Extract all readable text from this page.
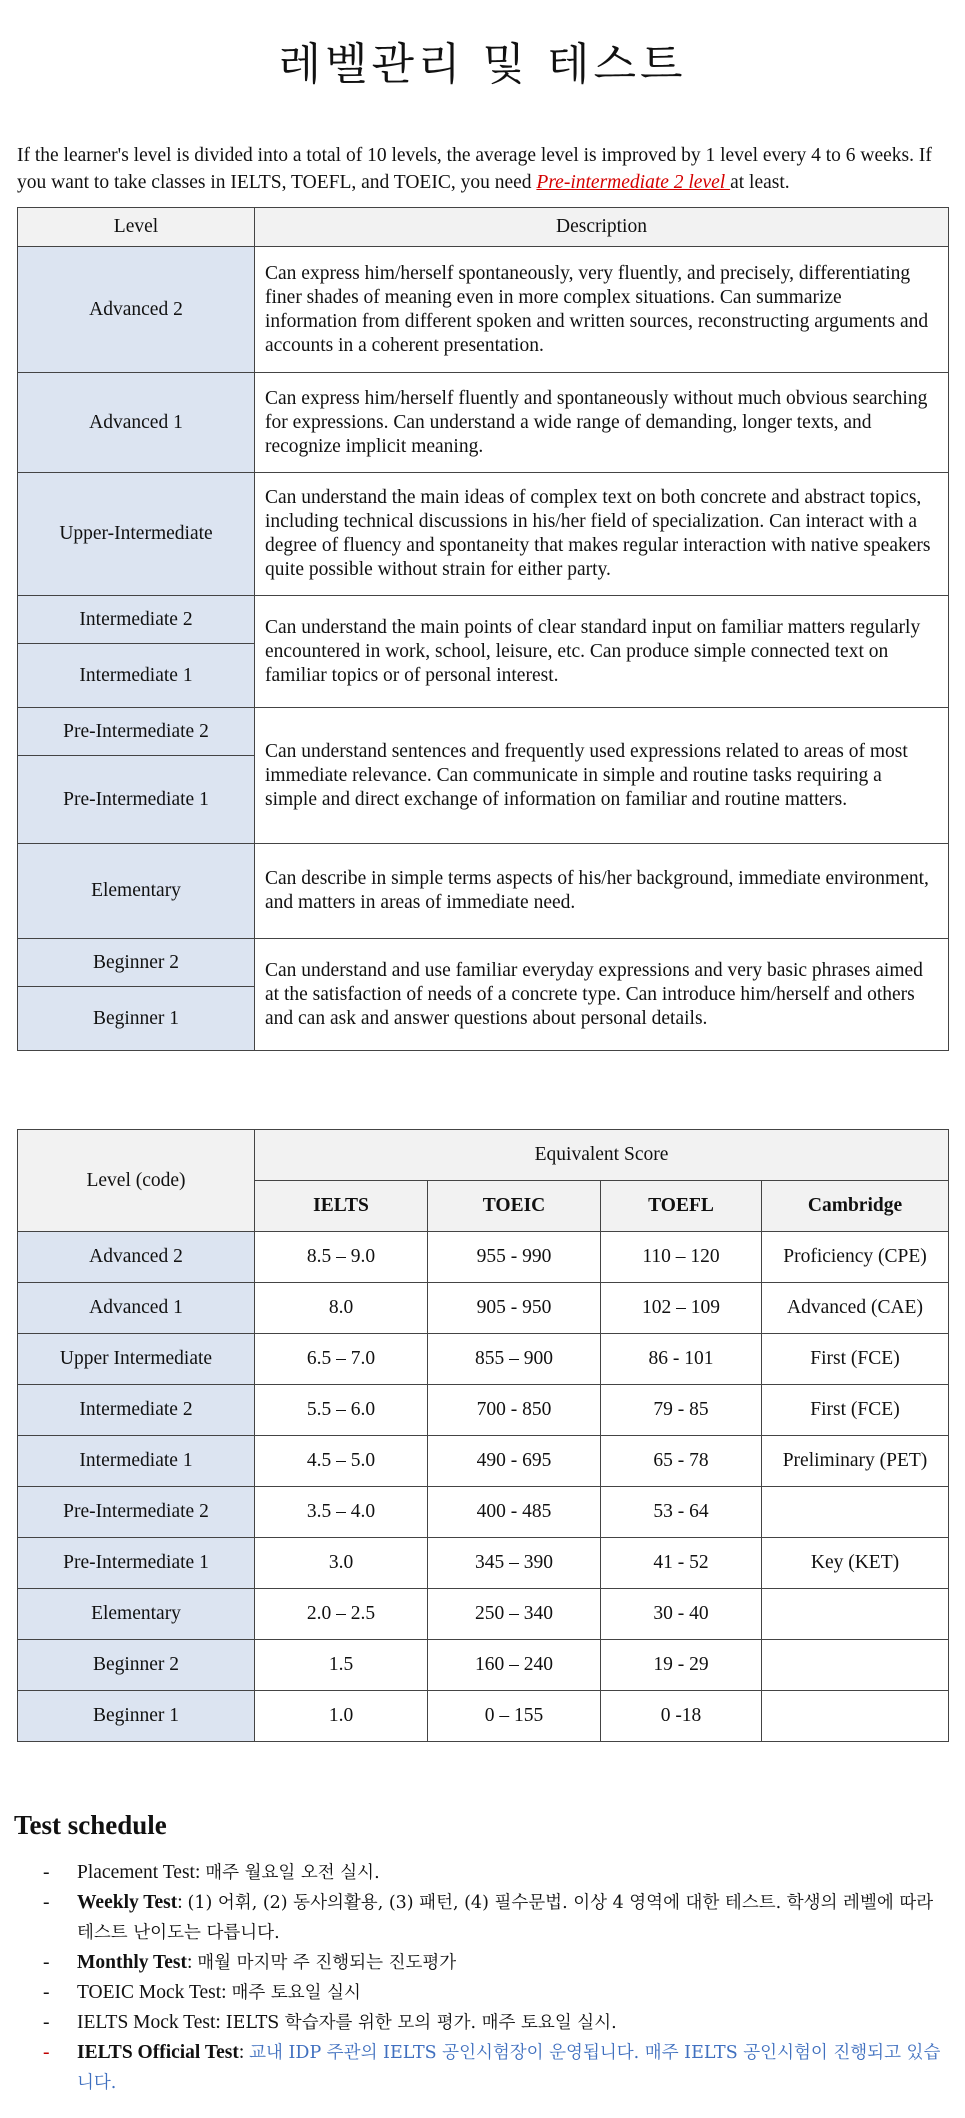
레벨관리 및 테스트
If the learner's level is divided into a total of 10 levels, the average level is improved by 1 level every 4 to 6 weeks. If you want to take classes in IELTS, TOEFL, and TOEIC, you need Pre-intermediate 2 level at least.
Level	Description
Advanced 2	Can express him/herself spontaneously, very fluently, and precisely, differentiating finer shades of meaning even in more complex situations. Can summarize information from different spoken and written sources, reconstructing arguments and accounts in a coherent presentation.
Advanced 1	Can express him/herself fluently and spontaneously without much obvious searching for expressions. Can understand a wide range of demanding, longer texts, and recognize implicit meaning.
Upper-Intermediate	Can understand the main ideas of complex text on both concrete and abstract topics, including technical discussions in his/her field of specialization. Can interact with a degree of fluency and spontaneity that makes regular interaction with native speakers quite possible without strain for either party.
Intermediate 2	Can understand the main points of clear standard input on familiar matters regularly encountered in work, school, leisure, etc. Can produce simple connected text on familiar topics or of personal interest.
Intermediate 1	
Pre-Intermediate 2	Can understand sentences and frequently used expressions related to areas of most immediate relevance. Can communicate in simple and routine tasks requiring a simple and direct exchange of information on familiar and routine matters.
Pre-Intermediate 1	
Elementary	Can describe in simple terms aspects of his/her background, immediate environment, and matters in areas of immediate need.
Beginner 2	Can understand and use familiar everyday expressions and very basic phrases aimed at the satisfaction of needs of a concrete type. Can introduce him/herself and others and can ask and answer questions about personal details.
Beginner 1	
Level (code)	Equivalent Score			
	IELTS	TOEIC	TOEFL	Cambridge
Advanced 2	8.5 – 9.0	955 - 990	110 – 120	Proficiency (CPE)
Advanced 1	8.0	905 - 950	102 – 109	Advanced (CAE)
Upper Intermediate	6.5 – 7.0	855 – 900	86 - 101	First (FCE)
Intermediate 2	5.5 – 6.0	700 - 850	79 - 85	First (FCE)
Intermediate 1	4.5 – 5.0	490 - 695	65 - 78	Preliminary (PET)
Pre-Intermediate 2	3.5 – 4.0	400 - 485	53 - 64	
Pre-Intermediate 1	3.0	345 – 390	41 - 52	Key (KET)
Elementary	2.0 – 2.5	250 – 340	30 - 40	
Beginner 2	1.5	160 – 240	19 - 29	
Beginner 1	1.0	0 – 155	0 -18	
Test schedule
-	Placement Test: 매주 월요일 오전 실시.
-	Weekly Test: (1) 어휘, (2) 동사의활용, (3) 패턴, (4) 필수문법. 이상 4 영역에 대한 테스트. 학생의 레벨에 따라 테스트 난이도는 다릅니다.
-	Monthly Test: 매월 마지막 주 진행되는 진도평가
-	TOEIC Mock Test: 매주 토요일 실시
-	IELTS Mock Test: IELTS 학습자를 위한 모의 평가. 매주 토요일 실시.
-	IELTS Official Test: 교내 IDP 주관의 IELTS 공인시험장이 운영됩니다. 매주 IELTS 공인시험이 진행되고 있습니다.
